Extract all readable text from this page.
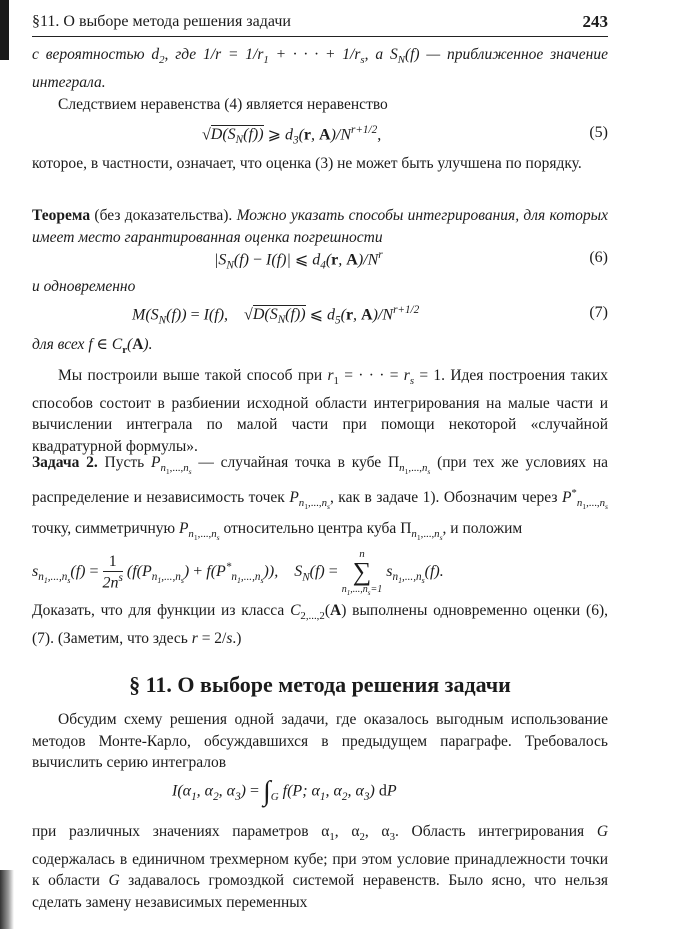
§11. О выборе метода решения задачи	243
с вероятностью $d_2$, где $1/r = 1/r_1$ + · · · + $1/r_s$, а $S_N(f)$ — приближенное значение интеграла.
Следствием неравенства (4) является неравенство
$√D(S_N(f))$ ⩾ $d_3(r$, $A)/N^{r+1/2}$,	(5)
которое, в частности, означает, что оценка (3) не может быть улучшена по порядку.
Теорема (без доказательства). Можно указать способы интегрирования, для которых имеет место гарантированная оценка погрешности
$|S_N(f) - I(f)|$ ⩽ $d_4(r$, $A)/N^r$	(6)
и одновременно
$M(S_N(f)) = I(f)$,    $√D(S_N(f))$ ⩽ $d_5(r$, $A)/N^{r+1/2}$	(7)
для всех f ∈ $C_r(A)$.
Мы построили выше такой способ при $r_1$ = · · · = $r_s = 1$. Идея построения таких способов состоит в разбиении исходной области интегрирования на малые части и вычислении интеграла по малой части при помощи некоторой «случайной квадратурной формулы».
Задача 2. Пусть $P_{n_1,...,n_s}$ — случайная точка в кубе $\Pi_{n_1,...,n_s}$ (при тех же условиях на распределение и независимость точек $P_{n_1,...,n_s}$, как в задаче 1). Обозначим через $P^*_{n_1,...,n_s}$ точку, симметричную $P_{n_1,...,n_s}$ относительно центра куба $\Pi_{n_1,...,n_s}$, и положим
$s_{n_1,...,n_s}(f) = \frac{1}{2n^s} (f(P_{n_1,...,n_s}) + f(P^*_{n_1,...,n_s}))$,    $S_N(f)$ =
n
∑
$n_1,...,n_s=1$
$s_{n_1,...,n_s}(f)$.
Доказать, что для функции из класса $C_{2,...,2}(A)$ выполнены одновременно оценки (6), (7). (Заметим, что здесь r = 2/s.)
§ 11. О выборе метода решения задачи
Обсудим схему решения одной задачи, где оказалось выгодным использование методов Монте-Карло, обсуждавшихся в предыдущем параграфе. Требовалось вычислить серию интегралов
$I(\alpha_1$, $\alpha_2$, $\alpha_3) = \int_G$ f(P; $\alpha_1$, $\alpha_2$, $\alpha_3$) dP
при различных значениях параметров $\alpha_1$, $\alpha_2$, $\alpha_3$. Область интегрирования G содержалась в единичном трехмерном кубе; при этом условие принадлежности точки к области G задавалось громоздкой системой неравенств. Было ясно, что нельзя сделать замену независимых переменных
